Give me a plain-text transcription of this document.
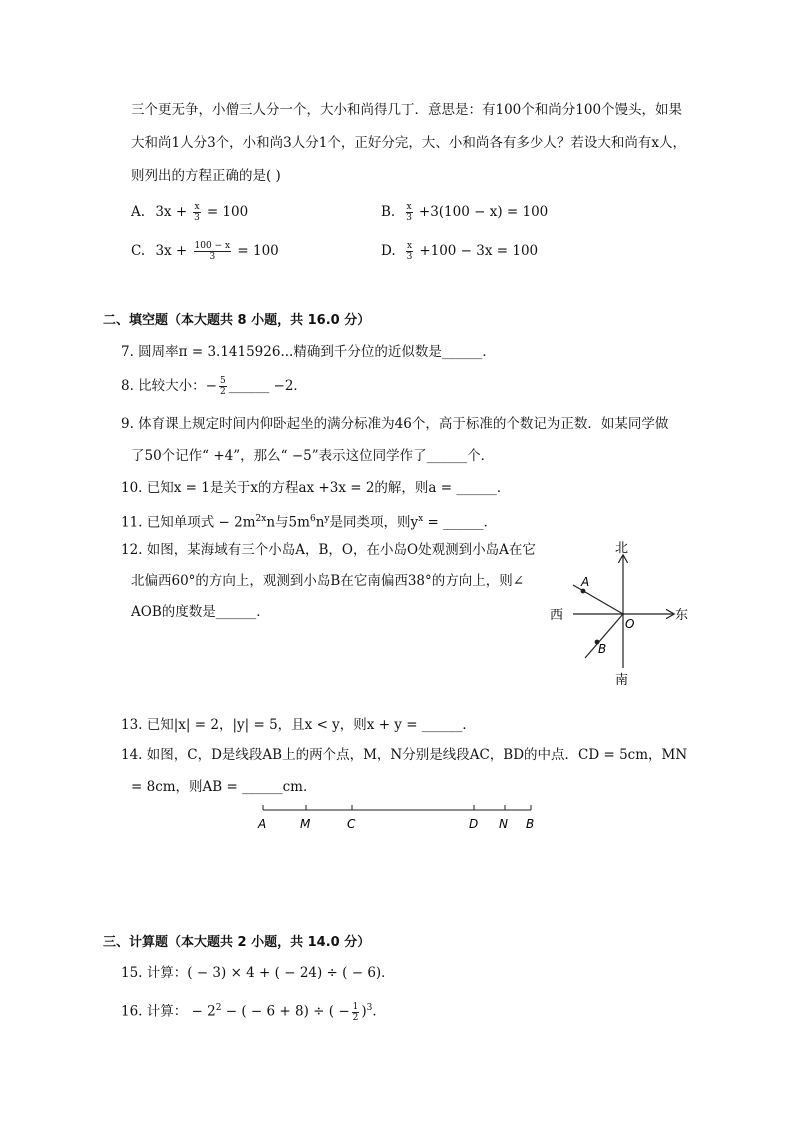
三个更无争，小僧三人分一个，大小和尚得几丁．意思是：有100个和尚分100个馒头，如果
大和尚1人分3个，小和尚3人分1个，正好分完，大、小和尚各有多少人？若设大和尚有x人，
则列出的方程正确的是( )
A. $3x + \frac{x}{3} = 100$	B. $\frac{x}{3} +3(100 - x) = 100$
C. $3x + \frac{100 - x}{3} = 100$	D. $\frac{x}{3} +100 - 3x = 100$
二、填空题（本大题共 8 小题，共 16.0 分）
7. 圆周率π = 3.1415926...精确到千分位的近似数是______．
8. 比较大小：− $\frac{5}{2}$ ______ −2．
9. 体育课上规定时间内仰卧起坐的满分标准为46个，高于标准的个数记为正数．如某同学做
了50个记作“ +4”，那么“ −5”表示这位同学作了______个．
10. 已知x = 1是关于x的方程ax +3x = 2的解，则a = ______．
11. 已知单项式 − $2m^{2x}n$与$5m^6n^y$是同类项，则$y^x$ = ______．
12. 如图，某海域有三个小岛A，B，O，在小岛O处观测到小岛A在它
北偏西60°的方向上，观测到小岛B在它南偏西38°的方向上，则∠
AOB的度数是______．
北
南
东
西
A
B
O
13. 已知|x| = 2，|y| = 5，且x < y，则x + y = ______．
14. 如图，C，D是线段AB上的两个点，M，N分别是线段AC，BD的中点．CD = 5cm，MN
= 8cm，则AB = ______cm．
A	M	C	D N B
三、计算题（本大题共 2 小题，共 14.0 分）
15. 计算：( − 3) × 4 + ( − 24) ÷ ( − 6)．
16. 计算： − $2^2$ − ( − 6 + 8) ÷ ( − $\frac{1}{2} )^3$．
